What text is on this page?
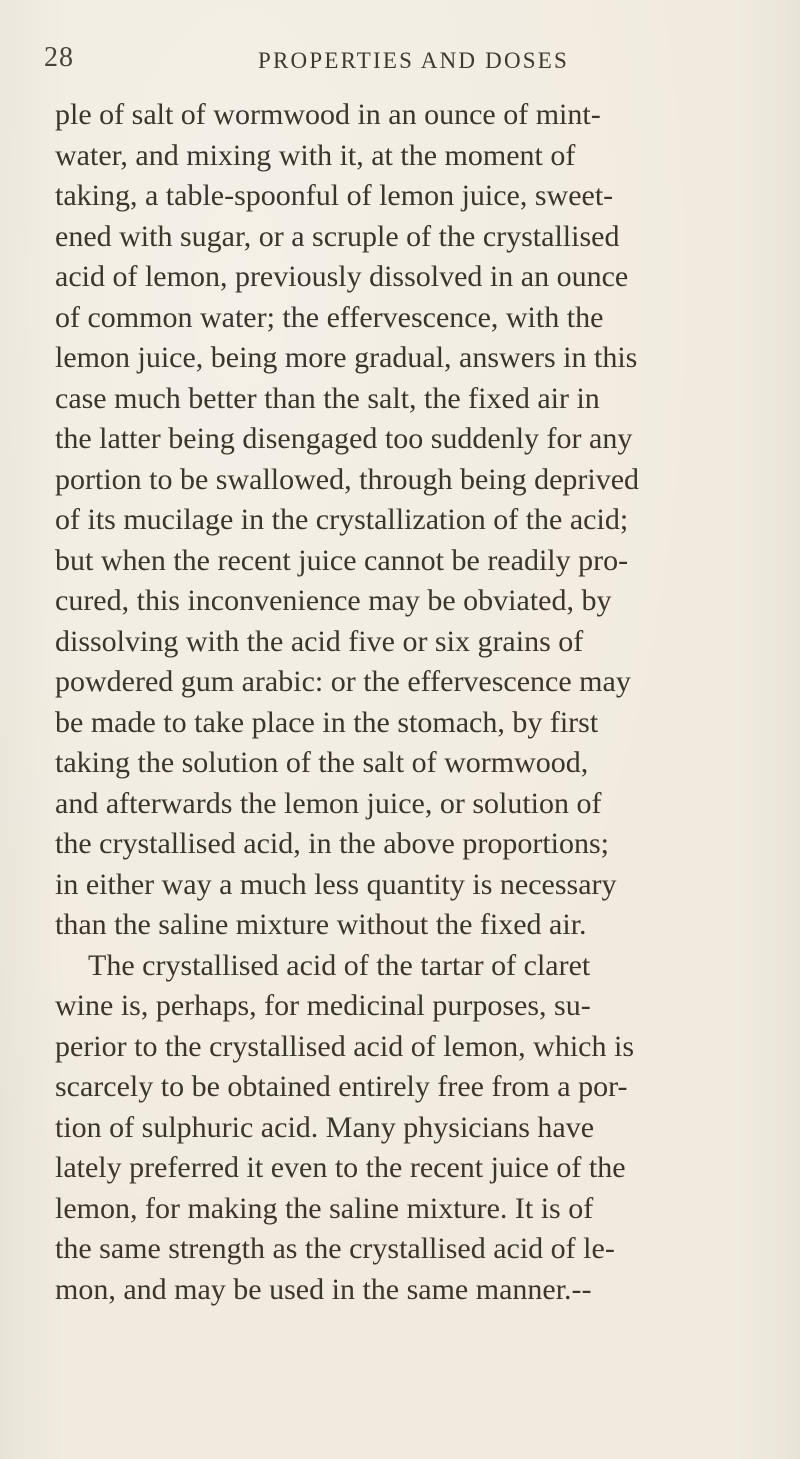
28	PROPERTIES AND DOSES
ple of salt of wormwood in an ounce of mint-
water, and mixing with it, at the moment of
taking, a table-spoonful of lemon juice, sweet-
ened with sugar, or a scruple of the crystallised
acid of lemon, previously dissolved in an ounce
of common water; the effervescence, with the
lemon juice, being more gradual, answers in this
case much better than the salt, the fixed air in
the latter being disengaged too suddenly for any
portion to be swallowed, through being deprived
of its mucilage in the crystallization of the acid;
but when the recent juice cannot be readily pro-
cured, this inconvenience may be obviated, by
dissolving with the acid five or six grains of
powdered gum arabic: or the effervescence may
be made to take place in the stomach, by first
taking the solution of the salt of wormwood,
and afterwards the lemon juice, or solution of
the crystallised acid, in the above proportions;
in either way a much less quantity is necessary
than the saline mixture without the fixed air.
The crystallised acid of the tartar of claret
wine is, perhaps, for medicinal purposes, su-
perior to the crystallised acid of lemon, which is
scarcely to be obtained entirely free from a por-
tion of sulphuric acid. Many physicians have
lately preferred it even to the recent juice of the
lemon, for making the saline mixture. It is of
the same strength as the crystallised acid of le-
mon, and may be used in the same manner.--
